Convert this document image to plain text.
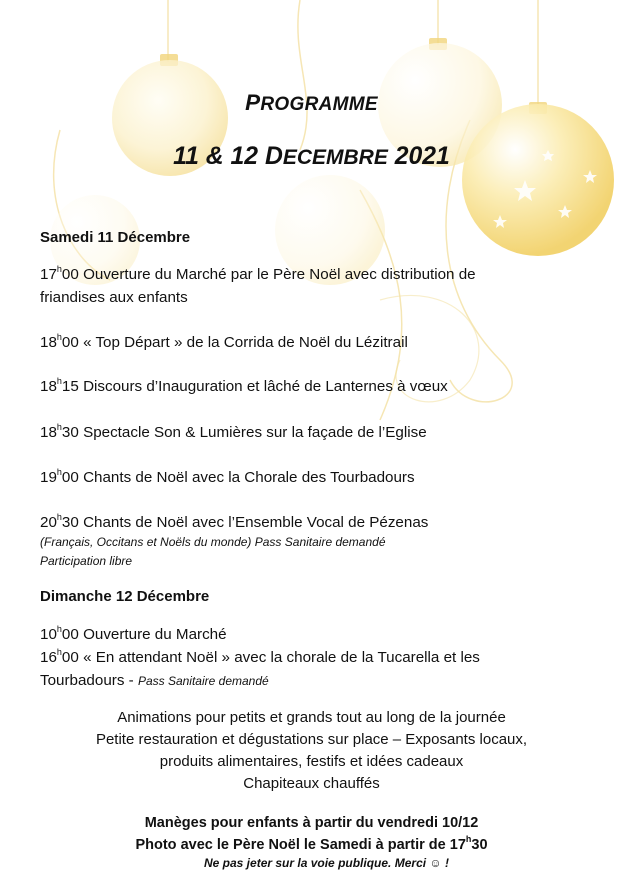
PROGRAMME
11 & 12 DECEMBRE 2021
Samedi 11 Décembre
17$^h$00 Ouverture du Marché par le Père Noël avec distribution de
friandises aux enfants
18$^h$00 « Top Départ » de la Corrida de Noël du Lézitrail
18$^h$15 Discours d’Inauguration et lâché de Lanternes à vœux
18$^h$30 Spectacle Son & Lumières sur la façade de l’Eglise
19$^h$00 Chants de Noël avec la Chorale des Tourbadours
20$^h$30 Chants de Noël avec l’Ensemble Vocal de Pézenas
(Français, Occitans et Noëls du monde) Pass Sanitaire demandé
Participation libre
Dimanche 12 Décembre
10$^h$00 Ouverture du Marché
16$^h$00 « En attendant Noël » avec la chorale de la Tucarella et les
Tourbadours - Pass Sanitaire demandé
Animations pour petits et grands tout au long de la journée
Petite restauration et dégustations sur place – Exposants locaux,
produits alimentaires, festifs et idées cadeaux
Chapiteaux chauffés
Manèges pour enfants à partir du vendredi 10/12
Photo avec le Père Noël le Samedi à partir de 17$^h$30
Ne pas jeter sur la voie publique. Merci ☺ !
